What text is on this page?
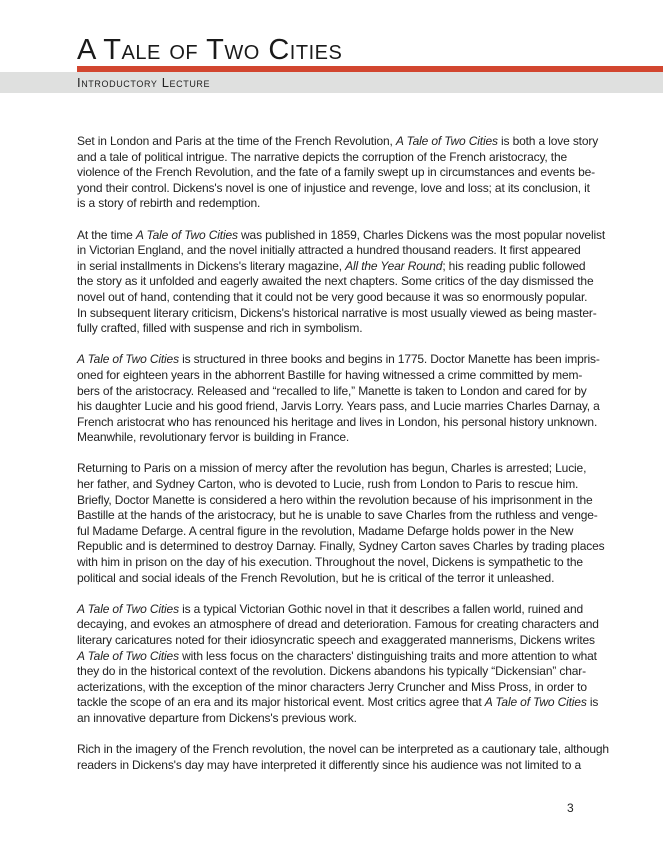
A Tale of Two Cities
Introductory Lecture

Set in London and Paris at the time of the French Revolution, A Tale of Two Cities is both a love story
and a tale of political intrigue. The narrative depicts the corruption of the French aristocracy, the
violence of the French Revolution, and the fate of a family swept up in circumstances and events be-
yond their control. Dickens's novel is one of injustice and revenge, love and loss; at its conclusion, it
is a story of rebirth and redemption.

At the time A Tale of Two Cities was published in 1859, Charles Dickens was the most popular novelist
in Victorian England, and the novel initially attracted a hundred thousand readers. It first appeared
in serial installments in Dickens's literary magazine, All the Year Round; his reading public followed
the story as it unfolded and eagerly awaited the next chapters. Some critics of the day dismissed the
novel out of hand, contending that it could not be very good because it was so enormously popular.
In subsequent literary criticism, Dickens's historical narrative is most usually viewed as being master-
fully crafted, filled with suspense and rich in symbolism.

A Tale of Two Cities is structured in three books and begins in 1775. Doctor Manette has been impris-
oned for eighteen years in the abhorrent Bastille for having witnessed a crime committed by mem-
bers of the aristocracy. Released and “recalled to life,” Manette is taken to London and cared for by
his daughter Lucie and his good friend, Jarvis Lorry. Years pass, and Lucie marries Charles Darnay, a
French aristocrat who has renounced his heritage and lives in London, his personal history unknown.
Meanwhile, revolutionary fervor is building in France.

Returning to Paris on a mission of mercy after the revolution has begun, Charles is arrested; Lucie,
her father, and Sydney Carton, who is devoted to Lucie, rush from London to Paris to rescue him.
Briefly, Doctor Manette is considered a hero within the revolution because of his imprisonment in the
Bastille at the hands of the aristocracy, but he is unable to save Charles from the ruthless and venge-
ful Madame Defarge. A central figure in the revolution, Madame Defarge holds power in the New
Republic and is determined to destroy Darnay. Finally, Sydney Carton saves Charles by trading places
with him in prison on the day of his execution. Throughout the novel, Dickens is sympathetic to the
political and social ideals of the French Revolution, but he is critical of the terror it unleashed.

A Tale of Two Cities is a typical Victorian Gothic novel in that it describes a fallen world, ruined and
decaying, and evokes an atmosphere of dread and deterioration. Famous for creating characters and
literary caricatures noted for their idiosyncratic speech and exaggerated mannerisms, Dickens writes
A Tale of Two Cities with less focus on the characters' distinguishing traits and more attention to what
they do in the historical context of the revolution. Dickens abandons his typically “Dickensian” char-
acterizations, with the exception of the minor characters Jerry Cruncher and Miss Pross, in order to
tackle the scope of an era and its major historical event. Most critics agree that A Tale of Two Cities is
an innovative departure from Dickens's previous work.

Rich in the imagery of the French revolution, the novel can be interpreted as a cautionary tale, although
readers in Dickens's day may have interpreted it differently since his audience was not limited to a

3
